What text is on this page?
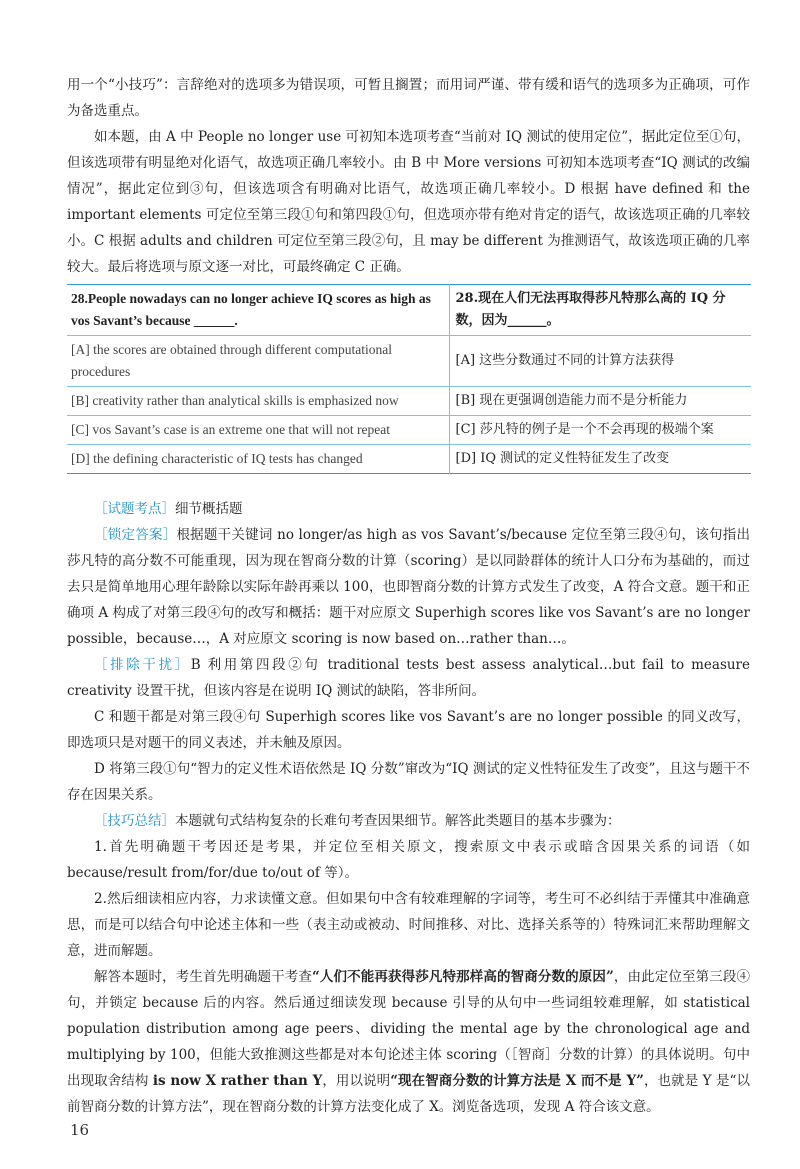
用一个“小技巧”：言辞绝对的选项多为错误项，可暂且搁置；而用词严谨、带有缓和语气的选项多为正确项，可作为备选重点。

如本题，由 A 中 People no longer use 可初知本选项考查“当前对 IQ 测试的使用定位”，据此定位至①句，但该选项带有明显绝对化语气，故选项正确几率较小。由 B 中 More versions 可初知本选项考查“IQ 测试的改编情况”，据此定位到③句，但该选项含有明确对比语气，故选项正确几率较小。D 根据 have defined 和 the important elements 可定位至第三段①句和第四段①句，但选项亦带有绝对肯定的语气，故该选项正确的几率较小。C 根据 adults and children 可定位至第三段②句，且 may be different 为推测语气，故该选项正确的几率较大。最后将选项与原文逐一对比，可最终确定 C 正确。

28.People nowadays can no longer achieve IQ scores as high as vos Savant’s because ______.	28.现在人们无法再取得莎凡特那么高的 IQ 分数，因为______。
[A] the scores are obtained through different computational procedures	[A] 这些分数通过不同的计算方法获得
[B] creativity rather than analytical skills is emphasized now	[B] 现在更强调创造能力而不是分析能力
[C] vos Savant’s case is an extreme one that will not repeat	[C] 莎凡特的例子是一个不会再现的极端个案
[D] the defining characteristic of IQ tests has changed	[D] IQ 测试的定义性特征发生了改变

［试题考点］细节概括题

［锁定答案］根据题干关键词 no longer/as high as vos Savant’s/because 定位至第三段④句，该句指出莎凡特的高分数不可能重现，因为现在智商分数的计算（scoring）是以同龄群体的统计人口分布为基础的，而过去只是简单地用心理年龄除以实际年龄再乘以 100，也即智商分数的计算方式发生了改变，A 符合文意。题干和正确项 A 构成了对第三段④句的改写和概括：题干对应原文 Superhigh scores like vos Savant’s are no longer possible，because…，A 对应原文 scoring is now based on…rather than…。

［排除干扰］B 利用第四段②句 traditional tests best assess analytical…but fail to measure creativity 设置干扰，但该内容是在说明 IQ 测试的缺陷，答非所问。

C 和题干都是对第三段④句 Superhigh scores like vos Savant’s are no longer possible 的同义改写，即选项只是对题干的同义表述，并未触及原因。

D 将第三段①句“智力的定义性术语依然是 IQ 分数”窜改为“IQ 测试的定义性特征发生了改变”，且这与题干不存在因果关系。

［技巧总结］本题就句式结构复杂的长难句考查因果细节。解答此类题目的基本步骤为：

1.首先明确题干考因还是考果，并定位至相关原文，搜索原文中表示或暗含因果关系的词语（如 because/result from/for/due to/out of 等）。

2.然后细读相应内容，力求读懂文意。但如果句中含有较难理解的字词等，考生可不必纠结于弄懂其中准确意思，而是可以结合句中论述主体和一些（表主动或被动、时间推移、对比、选择关系等的）特殊词汇来帮助理解文意，进而解题。

解答本题时，考生首先明确题干考查“人们不能再获得莎凡特那样高的智商分数的原因”，由此定位至第三段④句，并锁定 because 后的内容。然后通过细读发现 because 引导的从句中一些词组较难理解，如 statistical population distribution among age peers、dividing the mental age by the chronological age and multiplying by 100，但能大致推测这些都是对本句论述主体 scoring（［智商］分数的计算）的具体说明。句中出现取舍结构 is now X rather than Y，用以说明“现在智商分数的计算方法是 X 而不是 Y”，也就是 Y 是“以前智商分数的计算方法”，现在智商分数的计算方法变化成了 X。浏览备选项，发现 A 符合该文意。

16
